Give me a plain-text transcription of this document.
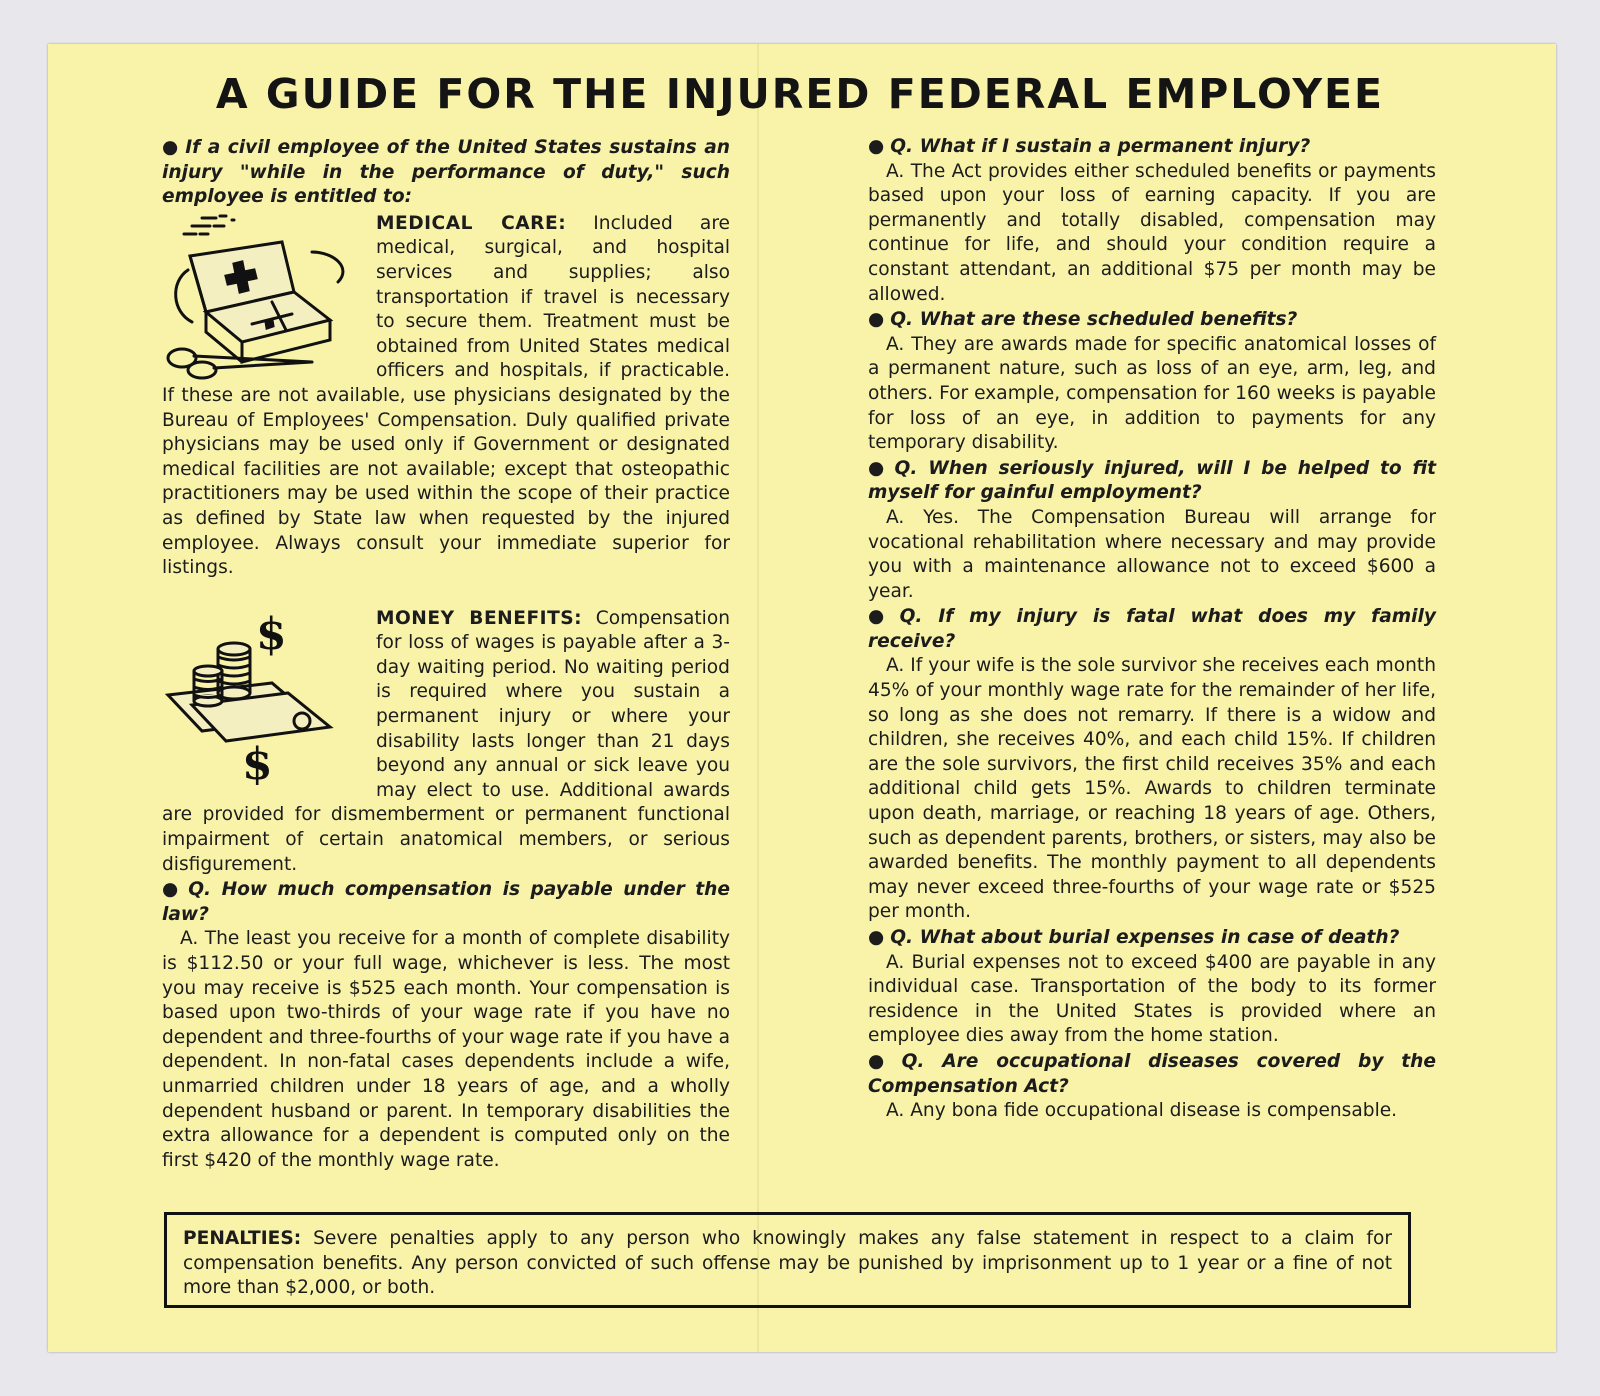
A GUIDE FOR THE INJURED FEDERAL EMPLOYEE

● If a civil employee of the United States sustains an injury "while in the performance of duty," such employee is entitled to:

MEDICAL CARE: Included are medical, surgical, and hospital services and supplies; also transportation if travel is necessary to secure them. Treatment must be obtained from United States medical officers and hospitals, if practicable. If these are not available, use physicians designated by the Bureau of Employees' Compensation. Duly qualified private physicians may be used only if Government or designated medical facilities are not available; except that osteopathic practitioners may be used within the scope of their practice as defined by State law when requested by the injured employee. Always consult your immediate superior for listings.

$
$

MONEY BENEFITS: Compensation for loss of wages is payable after a 3-day waiting period. No waiting period is required where you sustain a permanent injury or where your disability lasts longer than 21 days beyond any annual or sick leave you may elect to use. Additional awards are provided for dismemberment or permanent functional impairment of certain anatomical members, or serious disfigurement.

● Q. How much compensation is payable under the law?

A. The least you receive for a month of complete disability is $112.50 or your full wage, whichever is less. The most you may receive is $525 each month. Your compensation is based upon two-thirds of your wage rate if you have no dependent and three-fourths of your wage rate if you have a dependent. In non-fatal cases dependents include a wife, unmarried children under 18 years of age, and a wholly dependent husband or parent. In temporary disabilities the extra allowance for a dependent is computed only on the first $420 of the monthly wage rate.

● Q. What if I sustain a permanent injury?

A. The Act provides either scheduled benefits or payments based upon your loss of earning capacity. If you are permanently and totally disabled, compensation may continue for life, and should your condition require a constant attendant, an additional $75 per month may be allowed.

● Q. What are these scheduled benefits?

A. They are awards made for specific anatomical losses of a permanent nature, such as loss of an eye, arm, leg, and others. For example, compensation for 160 weeks is payable for loss of an eye, in addition to payments for any temporary disability.

● Q. When seriously injured, will I be helped to fit myself for gainful employment?

A. Yes. The Compensation Bureau will arrange for vocational rehabilitation where necessary and may provide you with a maintenance allowance not to exceed $600 a year.

● Q. If my injury is fatal what does my family receive?

A. If your wife is the sole survivor she receives each month 45% of your monthly wage rate for the remainder of her life, so long as she does not remarry. If there is a widow and children, she receives 40%, and each child 15%. If children are the sole survivors, the first child receives 35% and each additional child gets 15%. Awards to children terminate upon death, marriage, or reaching 18 years of age. Others, such as dependent parents, brothers, or sisters, may also be awarded benefits. The monthly payment to all dependents may never exceed three-fourths of your wage rate or $525 per month.

● Q. What about burial expenses in case of death?

A. Burial expenses not to exceed $400 are payable in any individual case. Transportation of the body to its former residence in the United States is provided where an employee dies away from the home station.

● Q. Are occupational diseases covered by the Compensation Act?

A. Any bona fide occupational disease is compensable.

PENALTIES: Severe penalties apply to any person who knowingly makes any false statement in respect to a claim for compensation benefits. Any person convicted of such offense may be punished by imprisonment up to 1 year or a fine of not more than $2,000, or both.
